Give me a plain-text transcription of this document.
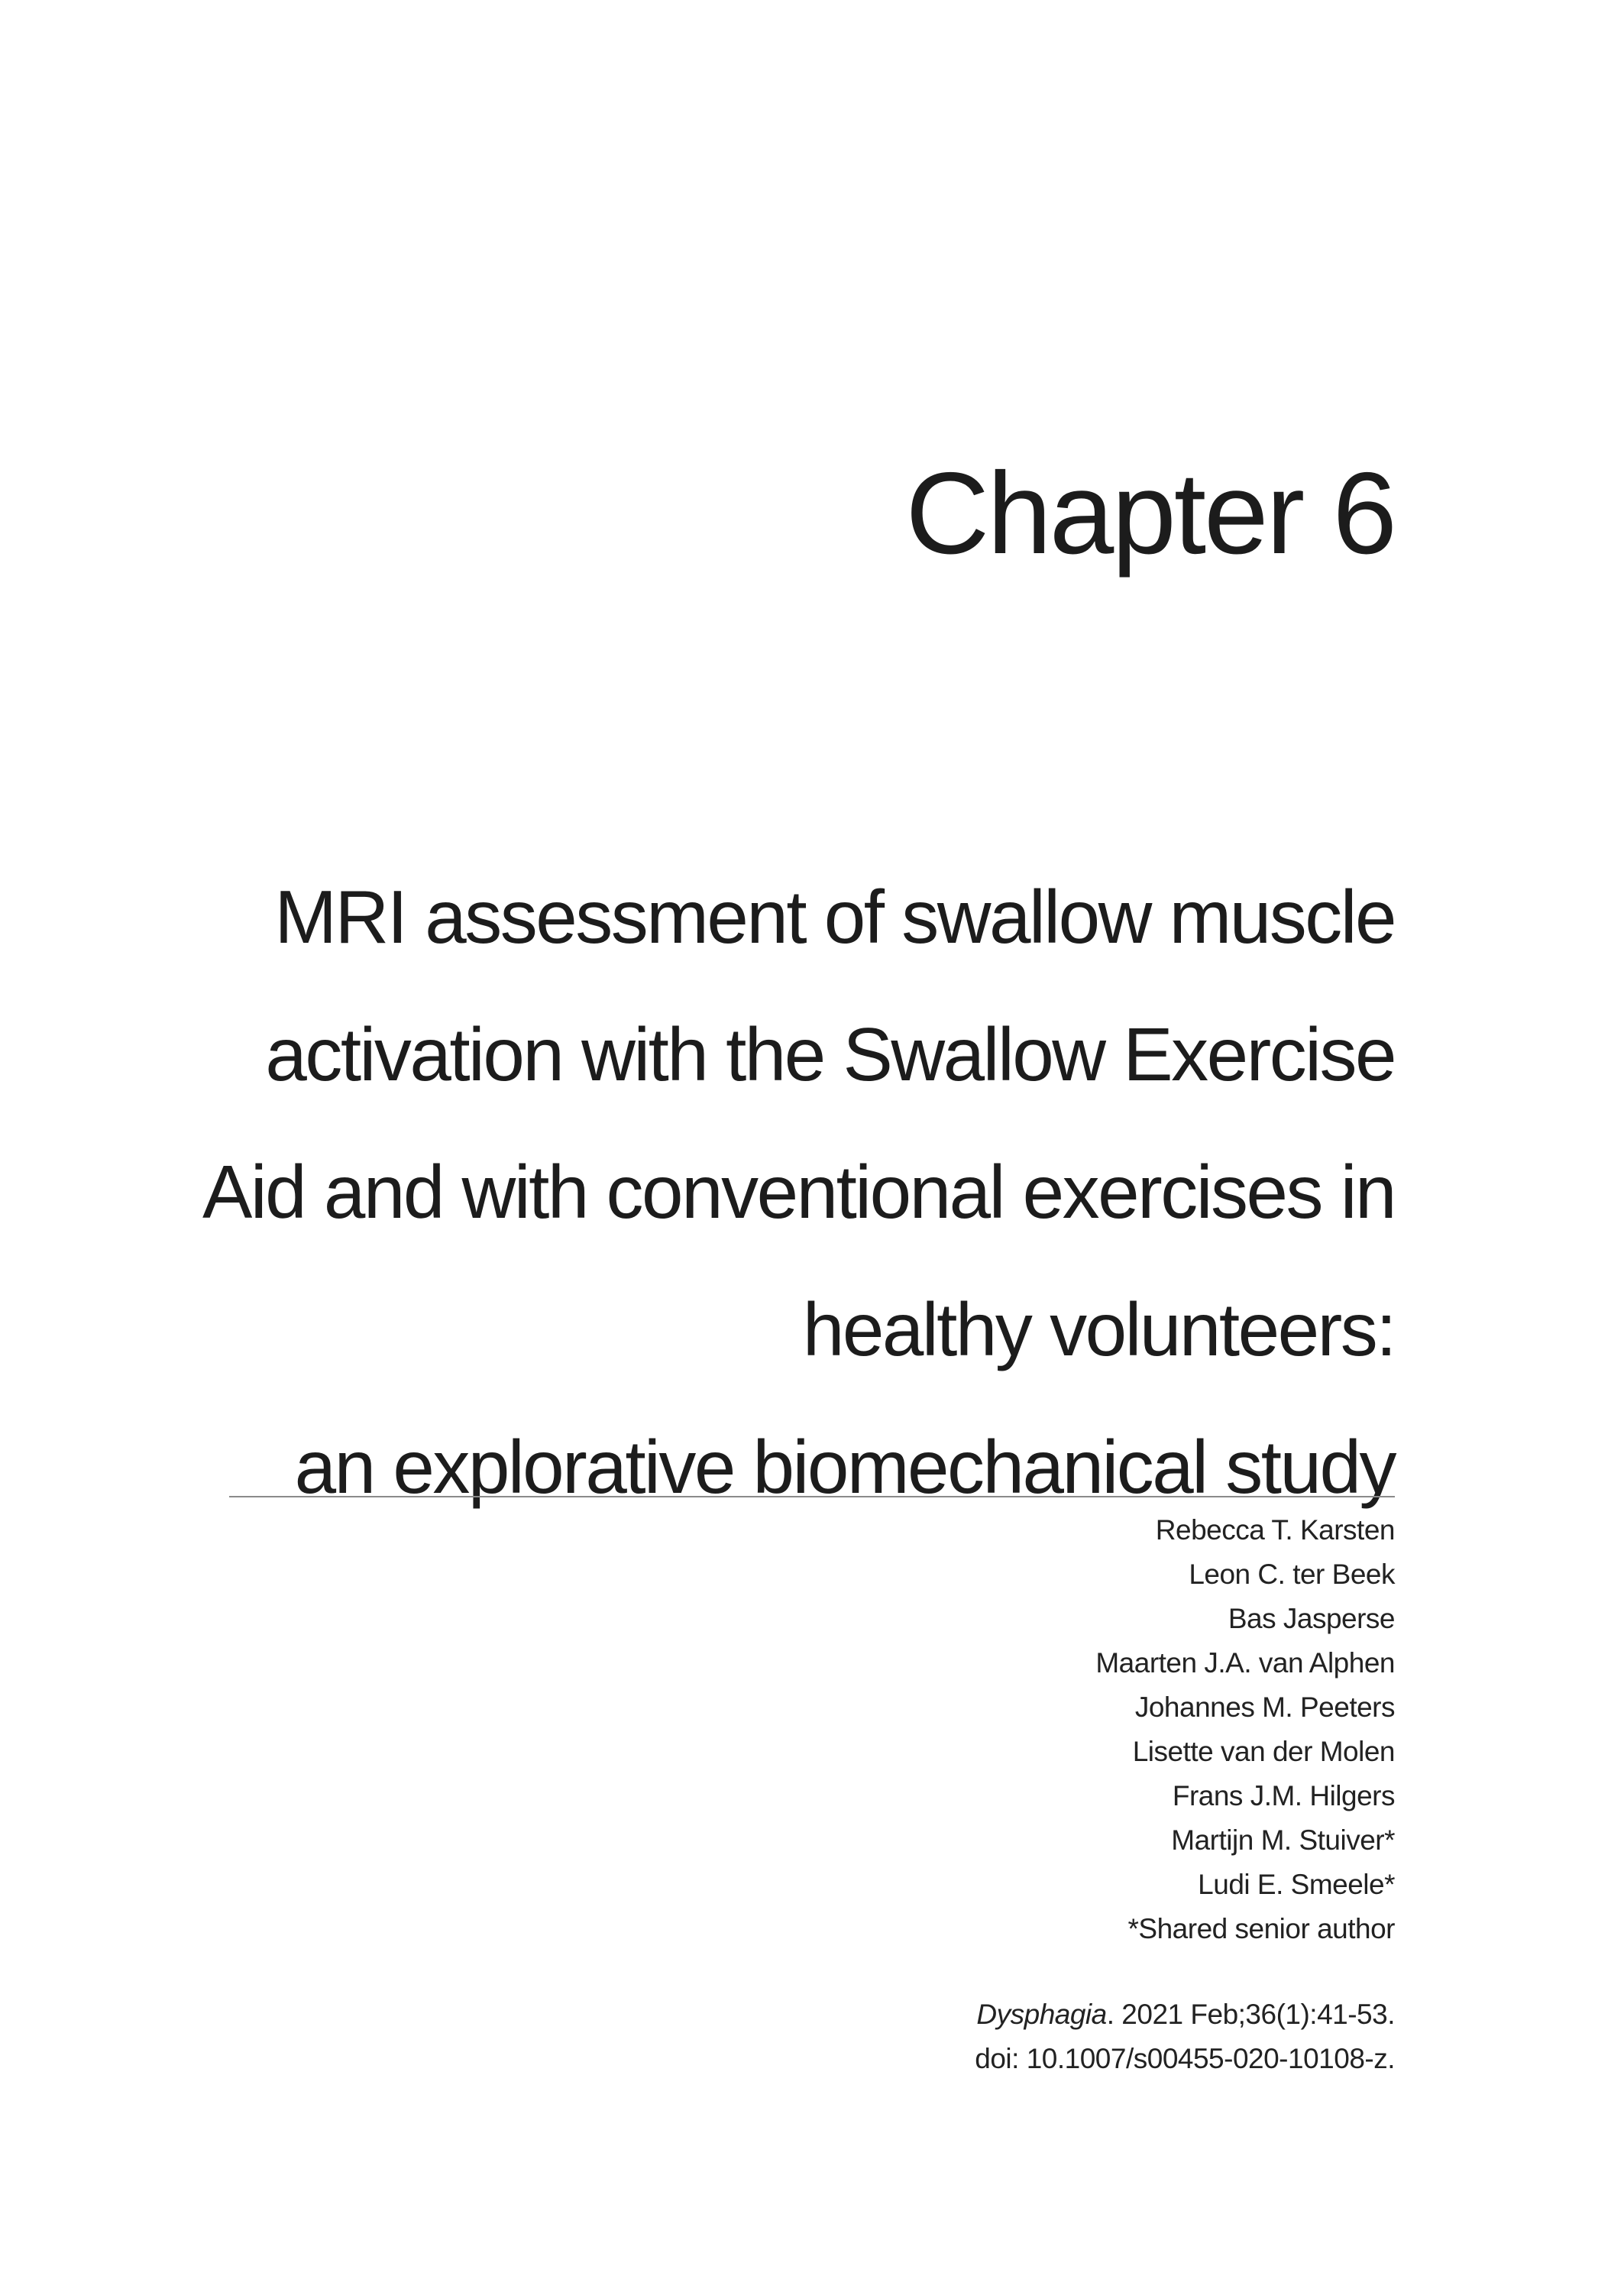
Chapter 6
MRI assessment of swallow muscle
activation with the Swallow Exercise
Aid and with conventional exercises in
healthy volunteers:
an explorative biomechanical study
Rebecca T. Karsten
Leon C. ter Beek
Bas Jasperse
Maarten J.A. van Alphen
Johannes M. Peeters
Lisette van der Molen
Frans J.M. Hilgers
Martijn M. Stuiver*
Ludi E. Smeele*
*Shared senior author
Dysphagia. 2021 Feb;36(1):41-53.
doi: 10.1007/s00455-020-10108-z.
